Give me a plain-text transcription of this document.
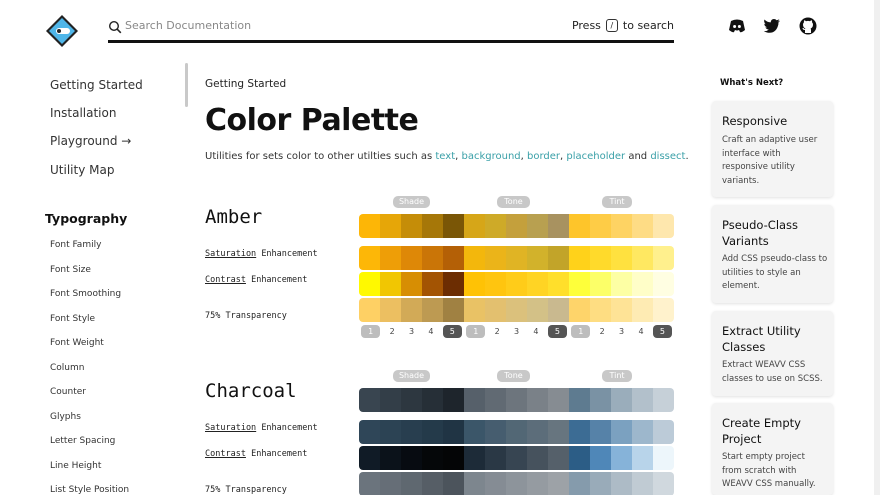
Search Documentation	Press	/ to search
Getting Started
Installation
Playground →
Utility Map
Typography
Font Family
Font Size
Font Smoothing
Font Style
Font Weight
Column
Counter
Glyphs
Letter Spacing
Line Height
List Style Position
Getting Started
Color Palette
Utilities for sets color to other utilties such as text, background, border, placeholder and dissect.
Shade	Tone	Tint
Amber
Saturation Enhancement
Contrast Enhancement
75% Transparency
1	2	3	4	5	1	2	3	4	5	1	2	3	4	5
Shade	Tone	Tint
Charcoal
Saturation Enhancement
Contrast Enhancement
75% Transparency
What's Next?
Responsive
Craft an adaptive user
interface with
responsive utility
variants.
Pseudo-Class
Variants
Add CSS pseudo-class to
utilities to style an
element.
Extract Utility
Classes
Extract WEAVV CSS
classes to use on SCSS.
Create Empty
Project
Start empty project
from scratch with
WEAVV CSS manually.
